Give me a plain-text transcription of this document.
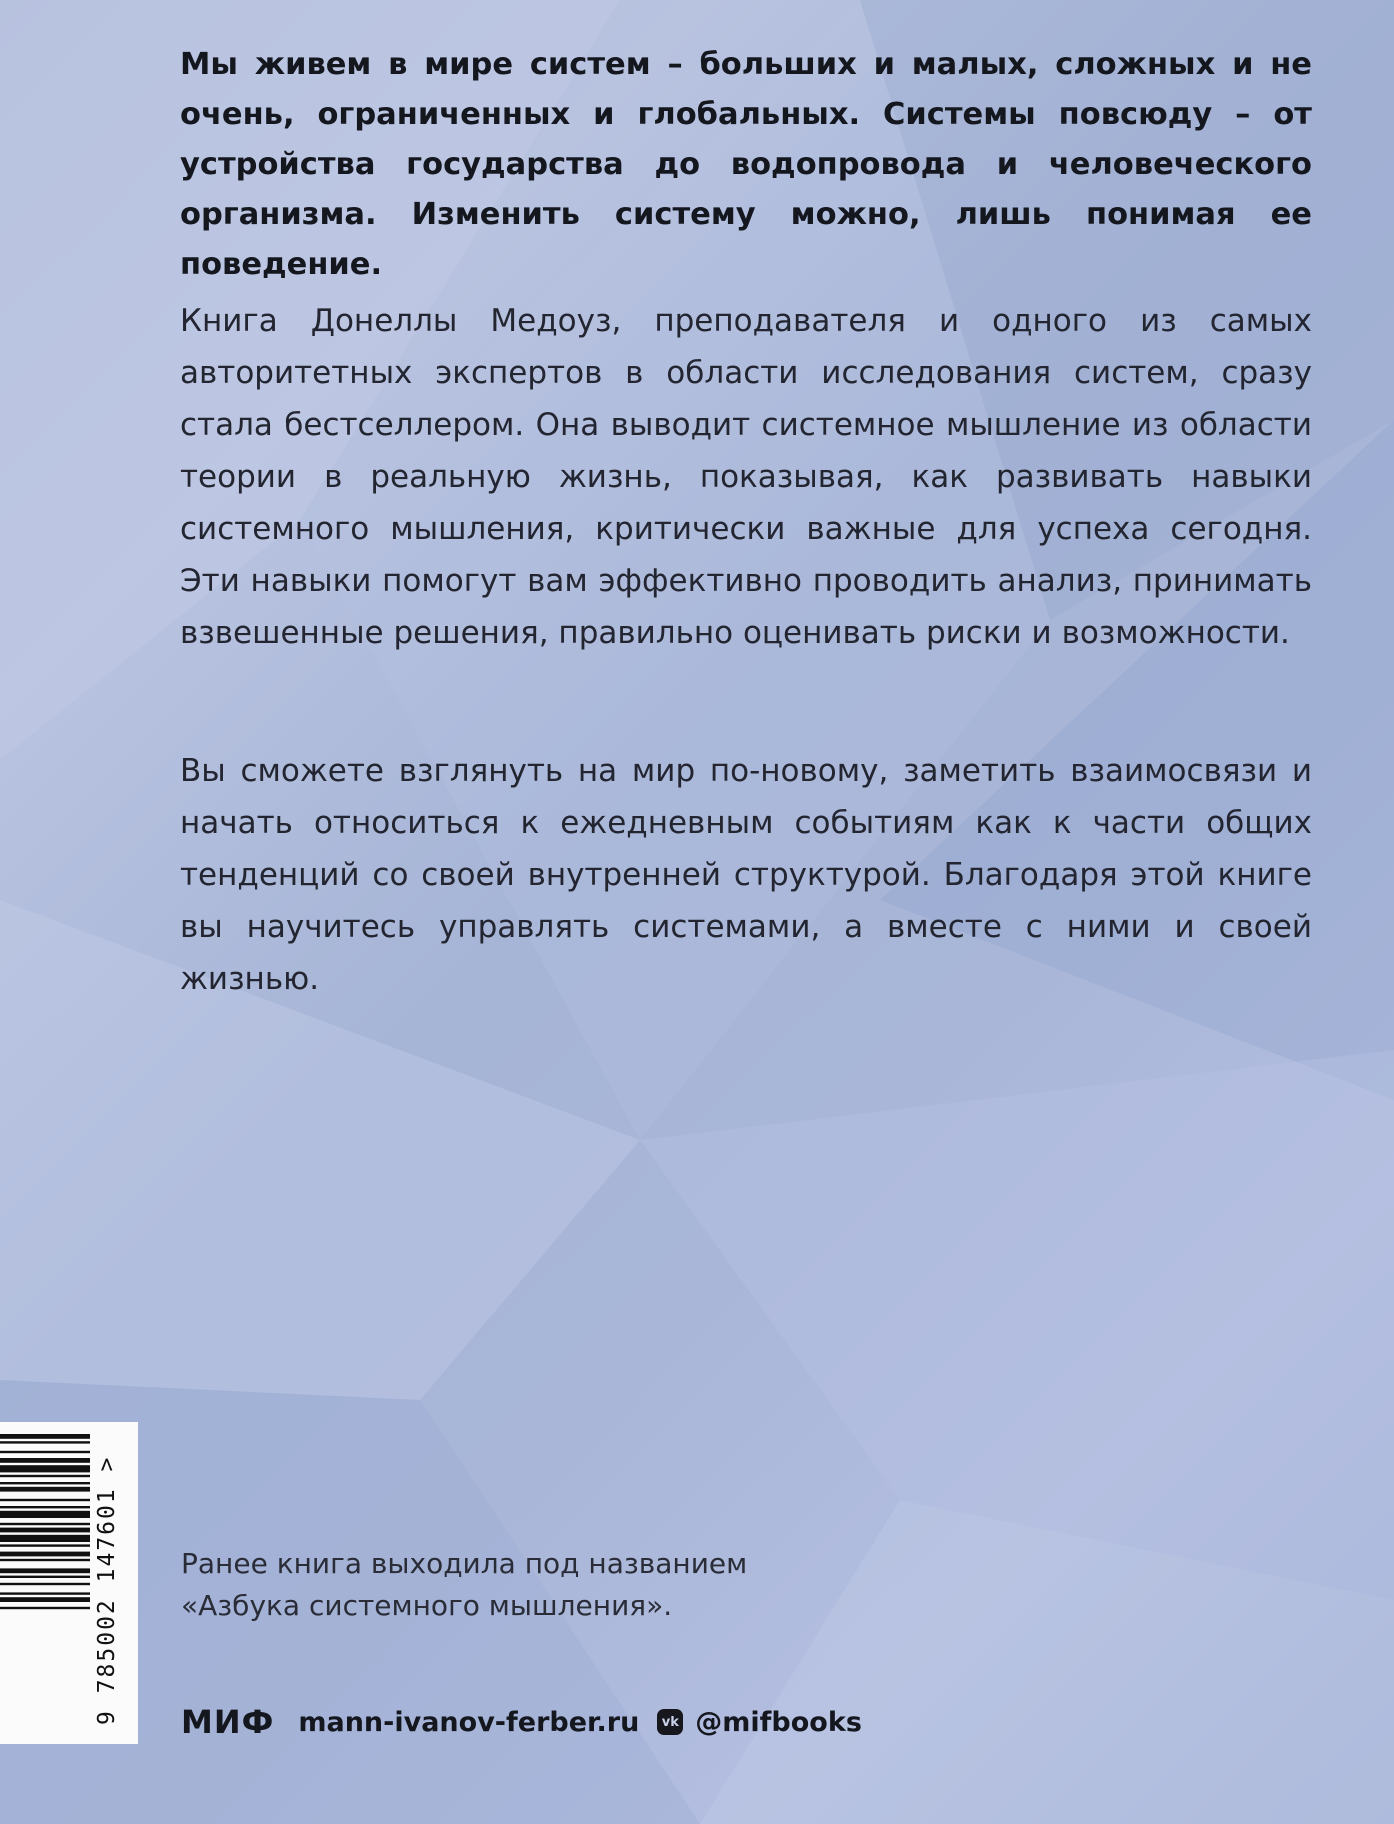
Мы живем в мире систем – больших и малых, сложных и не очень, ограниченных и глобальных. Системы повсюду – от устройства государства до водопровода и человеческого организма. Изменить систему можно, лишь понимая ее поведение.
Книга Донеллы Медоуз, преподавателя и одного из самых авторитетных экспертов в области исследования систем, сразу стала бестселлером. Она выводит системное мышление из области теории в реальную жизнь, показывая, как развивать навыки системного мышления, критически важные для успеха сегодня. Эти навыки помогут вам эффективно проводить анализ, принимать взвешенные решения, правильно оценивать риски и возможности.
Вы сможете взглянуть на мир по-новому, заметить взаимосвязи и начать относиться к ежедневным событиям как к части общих тенденций со своей внутренней структурой. Благодаря этой книге вы научитесь управлять системами, а вместе с ними и своей жизнью.
Ранее книга выходила под названием
«Азбука системного мышления».
9 785002 147601 >	МИФ mann-ivanov-ferber.ru	vk @mifbooks
